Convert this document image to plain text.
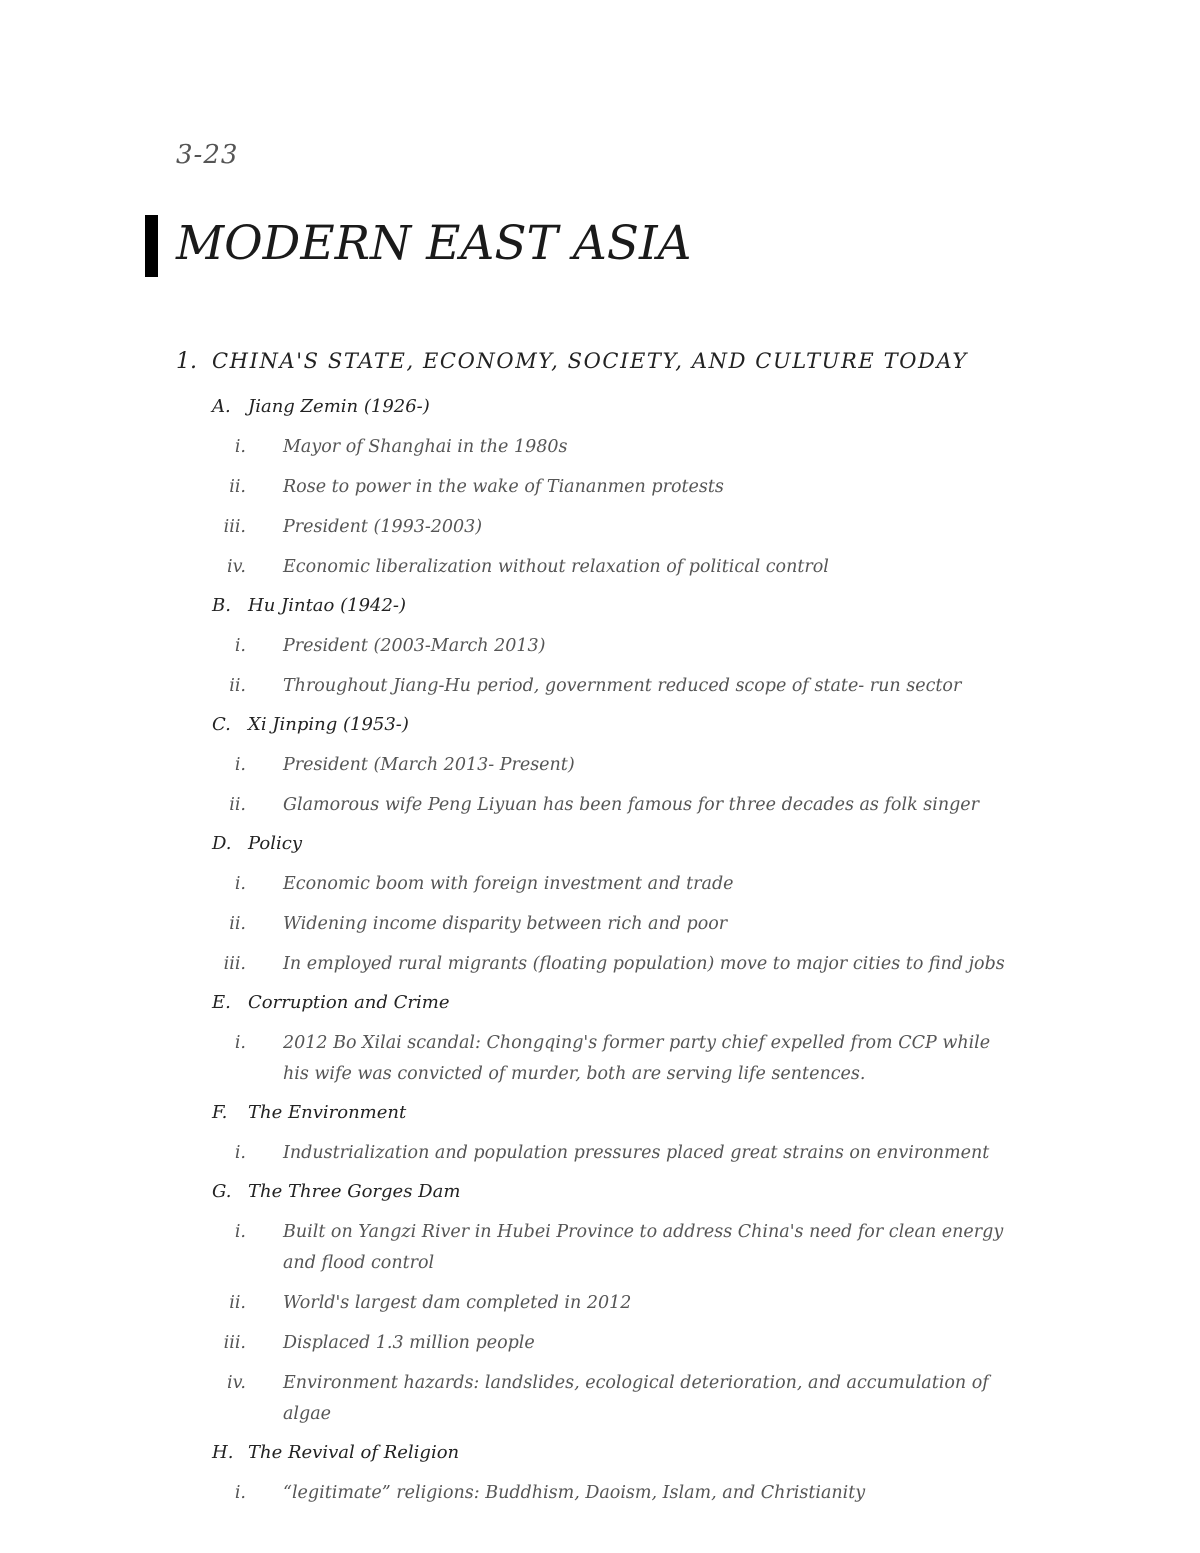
3-23
MODERN EAST ASIA
1. CHINA'S STATE, ECONOMY, SOCIETY, AND CULTURE TODAY
A. Jiang Zemin (1926-)
i. Mayor of Shanghai in the 1980s
ii. Rose to power in the wake of Tiananmen protests
iii. President (1993-2003)
iv. Economic liberalization without relaxation of political control
B. Hu Jintao (1942-)
i. President (2003-March 2013)
ii. Throughout Jiang-Hu period, government reduced scope of state- run sector
C. Xi Jinping (1953-)
i. President (March 2013- Present)
ii. Glamorous wife Peng Liyuan has been famous for three decades as folk singer
D. Policy
i. Economic boom with foreign investment and trade
ii. Widening income disparity between rich and poor
iii. In employed rural migrants (floating population) move to major cities to find jobs
E. Corruption and Crime
i. 2012 Bo Xilai scandal: Chongqing's former party chief expelled from CCP while his wife was convicted of murder, both are serving life sentences.
F. The Environment
i. Industrialization and population pressures placed great strains on environment
G. The Three Gorges Dam
i. Built on Yangzi River in Hubei Province to address China's need for clean energy and flood control
ii. World's largest dam completed in 2012
iii. Displaced 1.3 million people
iv. Environment hazards: landslides, ecological deterioration, and accumulation of algae
H. The Revival of Religion
i. “legitimate” religions: Buddhism, Daoism, Islam, and Christianity
